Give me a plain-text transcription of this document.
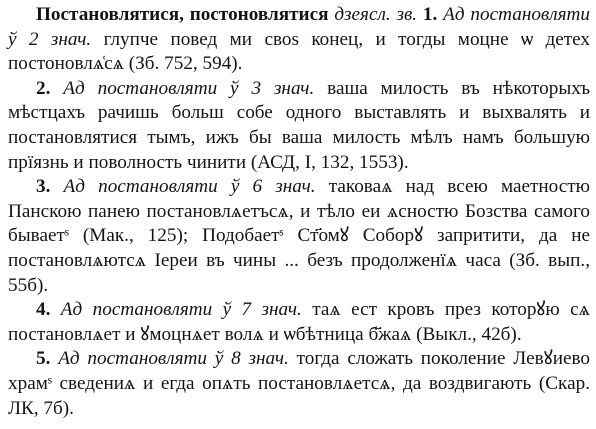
Постановлятися, постоновлятися дзеясл. зв. 1. Ад постановляти ў 2 знач. глупче повед ми своѕ конец, и тогды моцне ѡ детех постоновлѧ͑сѧ (Зб. 752, 594).

2. Ад постановляти ў 3 знач. ваша милость въ нѣкоторыхъ мѣстцахъ рачишь больш собе одного выставлять и выхвалять и постановлятися тымъ, ижъ бы ваша милость мѣлъ намъ большую прїязнь и поволность чинити (АСД, I, 132, 1553).

3. Ад постановляти ў 6 знач. таковаѧ над всею маетностю Панскою панею постановлѧетъсѧ, и тѣло еи ѧсностю Бозства самого бываетˢ (Мак., 125); Подобаетˢ Ст҃омꙋ Соборꙋ запритити, да не постановлѧютсѧ Іереи въ чины ... безъ продолженїѧ часа (Зб. вып., 55б).

4. Ад постановляти ў 7 знач. таѧ ест кровъ през которꙋю сѧ постановлѧет и ꙋмоцнѧет волѧ и ѡбѣтница б҃жаѧ (Выкл., 42б).

5. Ад постановляти ў 8 знач. тогда сложать поколение Левꙋиево храмˢ сведениѧ и егда опѧть постановлѧетсѧ, да воздвигають (Скар. ЛК, 7б).
